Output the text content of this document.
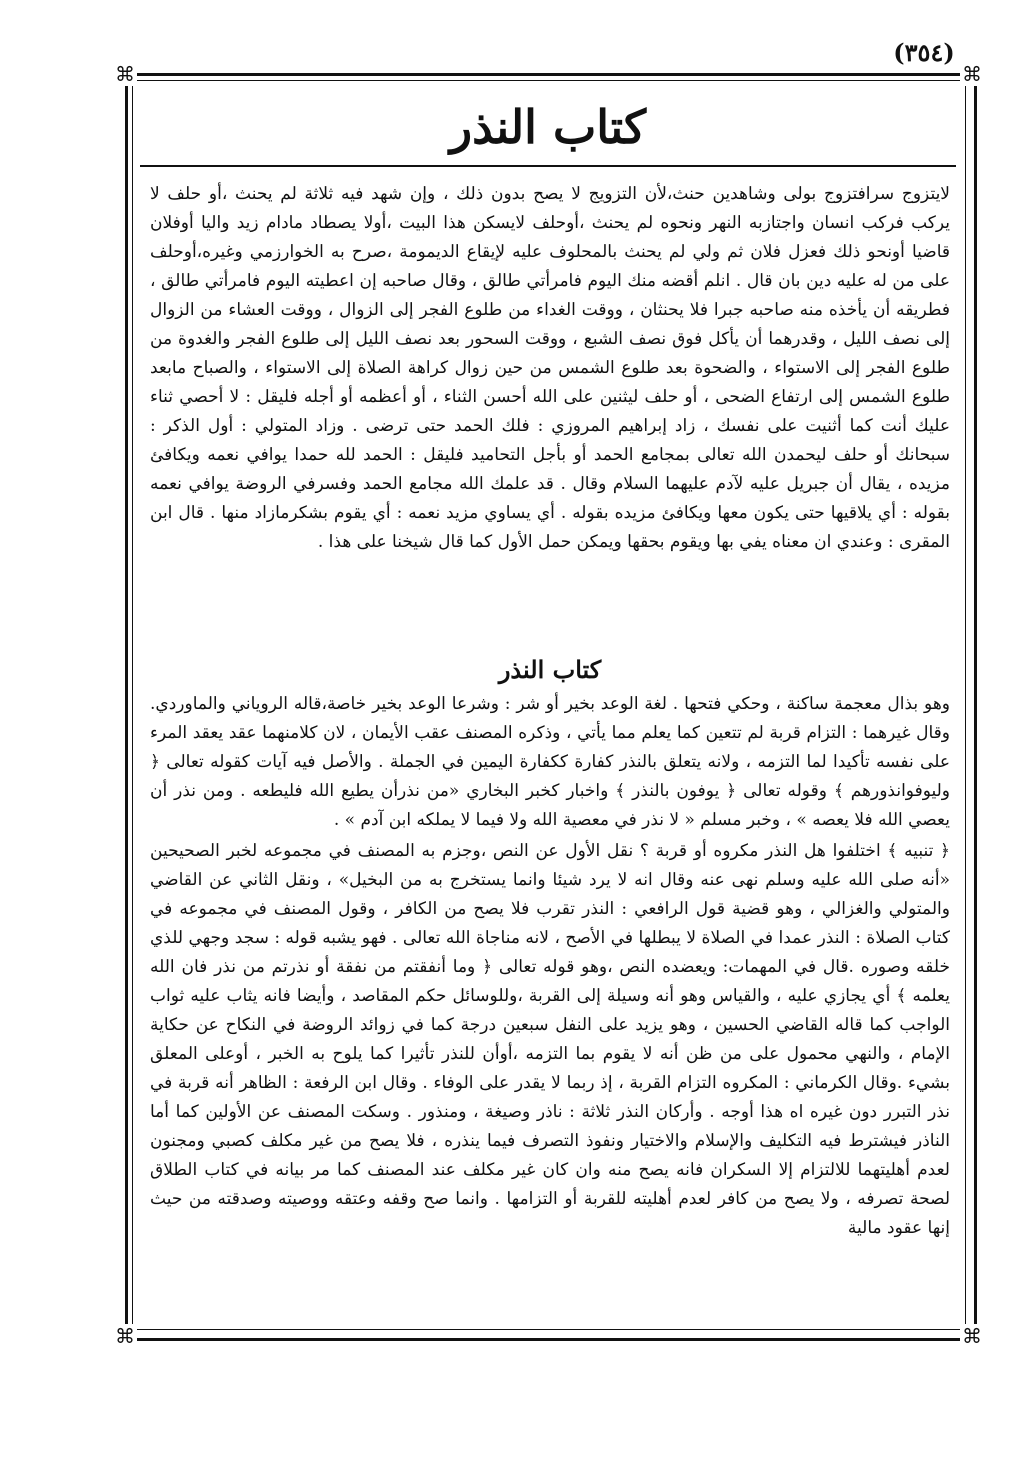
(٣٥٤)
⌘	⌘
⌘	⌘
كتاب النذر

لايتزوج سرافتزوج بولى وشاهدين حنث،لأن التزويج لا يصح بدون ذلك ، وإن شهد فيه ثلاثة لم يحنث ،أو حلف لا يركب فركب انسان واجتازبه النهر ونحوه لم يحنث ،أوحلف لايسكن هذا البيت ،أولا يصطاد مادام زيد واليا أوفلان قاضيا أونحو ذلك فعزل فلان ثم ولي لم يحنث بالمحلوف عليه لإيقاع الديمومة ،صرح به الخوارزمي وغيره،أوحلف على من له عليه دين بان قال . انلم أقضه منك اليوم فامرأتي طالق ، وقال صاحبه إن اعطيته اليوم فامرأتي طالق ، فطريقه أن يأخذه منه صاحبه جبرا فلا يحنثان ، ووقت الغداء من طلوع الفجر إلى الزوال ، ووقت العشاء من الزوال إلى نصف الليل ، وقدرهما أن يأكل فوق نصف الشبع ، ووقت السحور بعد نصف الليل إلى طلوع الفجر والغدوة من طلوع الفجر إلى الاستواء ، والضحوة بعد طلوع الشمس من حين زوال كراهة الصلاة إلى الاستواء ، والصباح مابعد طلوع الشمس إلى ارتفاع الضحى ، أو حلف ليثنين على الله أحسن الثناء ، أو أعظمه أو أجله فليقل : لا أحصي ثناء عليك أنت كما أثنيت على نفسك ، زاد إبراهيم المروزي : فلك الحمد حتى ترضى . وزاد المتولي : أول الذكر : سبحانك أو حلف ليحمدن الله تعالى بمجامع الحمد أو بأجل التحاميد فليقل : الحمد لله حمدا يوافي نعمه ويكافئ مزيده ، يقال أن جبريل عليه لآدم عليهما السلام وقال . قد علمك الله مجامع الحمد وفسرفي الروضة يوافي نعمه بقوله : أي يلاقيها حتى يكون معها ويكافئ مزيده بقوله . أي يساوي مزيد نعمه : أي يقوم بشكرمازاد منها . قال ابن المقرى : وعندي ان معناه يفي بها ويقوم بحقها ويمكن حمل الأول كما قال شيخنا على هذا .

كتاب النذر

وهو بذال معجمة ساكنة ، وحكي فتحها . لغة الوعد بخير أو شر : وشرعا الوعد بخير خاصة،قاله الروياني والماوردي. وقال غيرهما : التزام قربة لم تتعين كما يعلم مما يأتي ، وذكره المصنف عقب الأيمان ، لان كلامنهما عقد يعقد المرء على نفسه تأكيدا لما التزمه ، ولانه يتعلق بالنذر كفارة ككفارة اليمين في الجملة . والأصل فيه آيات كقوله تعالى ﴿ وليوفوانذورهم ﴾ وقوله تعالى ﴿ يوفون بالنذر ﴾ واخبار كخبر البخاري «من نذرأن يطيع الله فليطعه . ومن نذر أن يعصي الله فلا يعصه » ، وخبر مسلم « لا نذر في معصية الله ولا فيما لا يملكه ابن آدم » .

﴿ تنبيه ﴾ اختلفوا هل النذر مكروه أو قربة ؟ نقل الأول عن النص ،وجزم به المصنف في مجموعه لخبر الصحيحين «أنه صلى الله عليه وسلم نهى عنه وقال انه لا يرد شيئا وانما يستخرج به من البخيل» ، ونقل الثاني عن القاضي والمتولي والغزالي ، وهو قضية قول الرافعي : النذر تقرب فلا يصح من الكافر ، وقول المصنف في مجموعه في كتاب الصلاة : النذر عمدا في الصلاة لا يبطلها في الأصح ، لانه مناجاة الله تعالى . فهو يشبه قوله : سجد وجهي للذي خلقه وصوره .قال في المهمات: ويعضده النص ،وهو قوله تعالى ﴿ وما أنفقتم من نفقة أو نذرتم من نذر فان الله يعلمه ﴾ أي يجازي عليه ، والقياس وهو أنه وسيلة إلى القربة ،وللوسائل حكم المقاصد ، وأيضا فانه يثاب عليه ثواب الواجب كما قاله القاضي الحسين ، وهو يزيد على النفل سبعين درجة كما في زوائد الروضة في النكاح عن حكاية الإمام ، والنهي محمول على من ظن أنه لا يقوم بما التزمه ،أوأن للنذر تأثيرا كما يلوح به الخبر ، أوعلى المعلق بشيء .وقال الكرماني : المكروه التزام القربة ، إذ ربما لا يقدر على الوفاء . وقال ابن الرفعة : الظاهر أنه قربة في نذر التبرر دون غيره اه هذا أوجه . وأركان النذر ثلاثة : ناذر وصيغة ، ومنذور . وسكت المصنف عن الأولين كما أما الناذر فيشترط فيه التكليف والإسلام والاختيار ونفوذ التصرف فيما ينذره ، فلا يصح من غير مكلف كصبي ومجنون لعدم أهليتهما للالتزام إلا السكران فانه يصح منه وان كان غير مكلف عند المصنف كما مر بيانه في كتاب الطلاق لصحة تصرفه ، ولا يصح من كافر لعدم أهليته للقربة أو التزامها . وانما صح وقفه وعتقه ووصيته وصدقته من حيث إنها عقود مالية
